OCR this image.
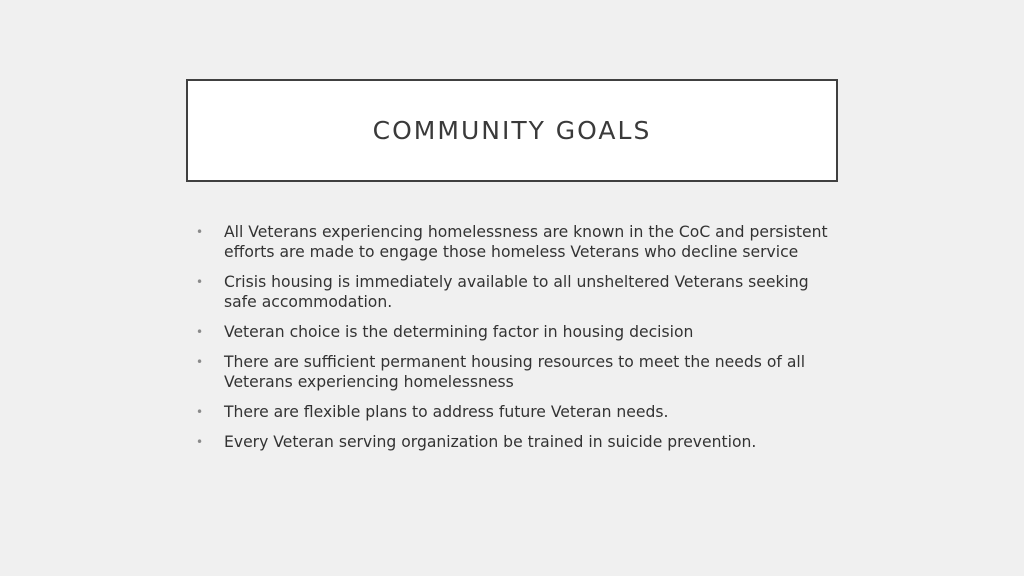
COMMUNITY GOALS
• All Veterans experiencing homelessness are known in the CoC and persistent efforts are made to engage those homeless Veterans who decline service
• Crisis housing is immediately available to all unsheltered Veterans seeking safe accommodation.
• Veteran choice is the determining factor in housing decision
• There are sufficient permanent housing resources to meet the needs of all Veterans experiencing homelessness
• There are flexible plans to address future Veteran needs.
• Every Veteran serving organization be trained in suicide prevention.
